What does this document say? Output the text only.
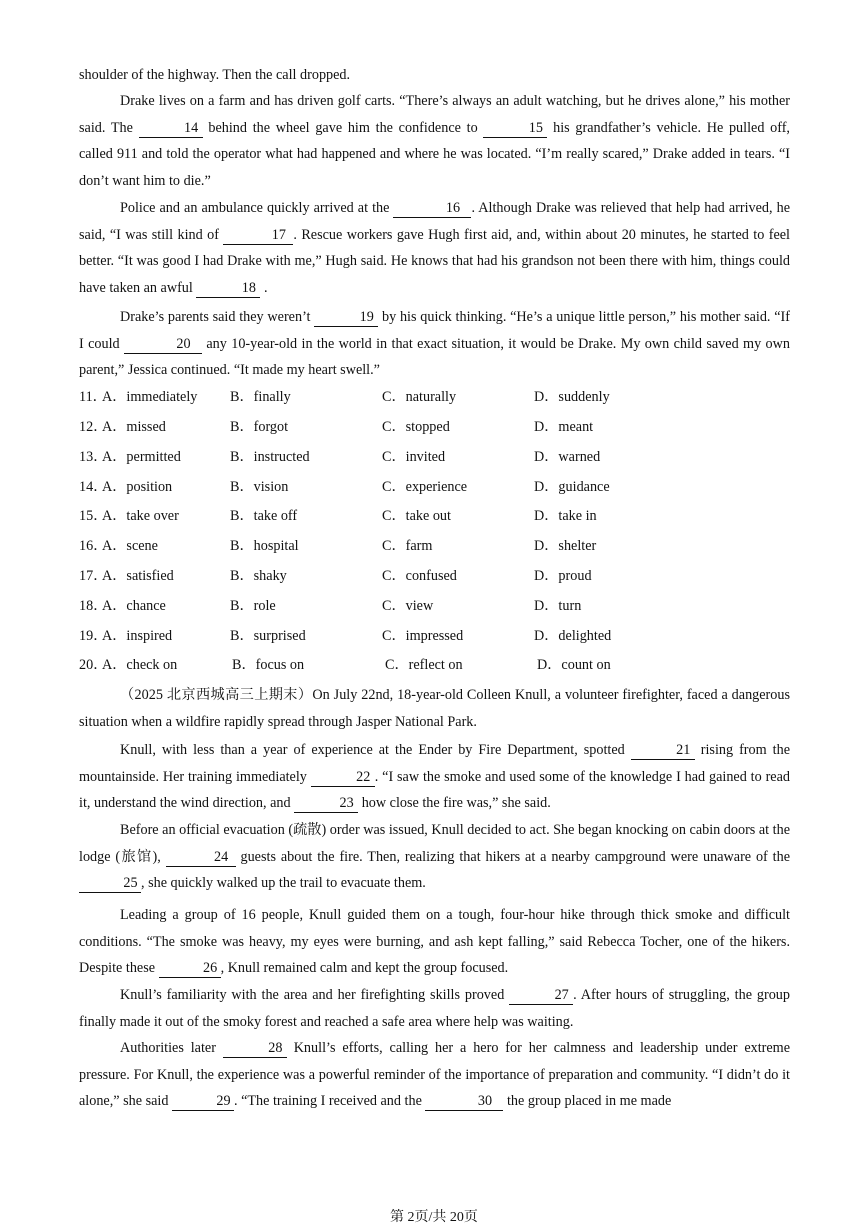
shoulder of the highway. Then the call dropped.

Drake lives on a farm and has driven golf carts. “There’s always an adult watching, but he drives alone,” his mother said. The	14 behind the wheel gave him the confidence to	15 his grandfather’s vehicle. He pulled off, called 911 and told the operator what had happened and where he was located. “I’m really scared,” Drake added in tears. “I don’t want him to die.”

Police and an ambulance quickly arrived at the	16 . Although Drake was relieved that help had arrived, he said, “I was still kind of	17 . Rescue workers gave Hugh first aid, and, within about 20 minutes, he started to feel better. “It was good I had Drake with me,” Hugh said. He knows that had his grandson not been there with him, things could have taken an awful	18 .

Drake’s parents said they weren’t	19 by his quick thinking. “He’s a unique little person,” his mother said. “If I could	20 any 10-year-old in the world in that exact situation, it would be Drake. My own child saved my own parent,” Jessica continued. “It made my heart swell.”

11．
A．immediately B．finally	C．naturally	D．suddenly
12．
A．missed	B．forgot	C．stopped	D．meant
13．
A．permitted	B．instructed	C．invited	D．warned
14．
A．position	B．vision	C．experience	D．guidance
15．
A．take over	B．take off	C．take out	D．take in
16．
A．scene	B．hospital	C．farm	D．shelter
17．
A．satisfied	B．shaky	C．confused	D．proud
18．
A．chance	B．role	C．view	D．turn
19．
A．inspired	B．surprised	C．impressed	D．delighted
20．
A．check on	B．focus on	C．reflect on	D．count on

（2025 北京西城高三上期末）On July 22nd, 18-year-old Colleen Knull, a volunteer firefighter, faced a dangerous situation when a wildfire rapidly spread through Jasper National Park.

Knull, with less than a year of experience at the Ender by Fire Department, spotted	21 rising from the mountainside. Her training immediately	22 . “I saw the smoke and used some of the knowledge I had gained to read it, understand the wind direction, and	23 how close the fire was,” she said.

Before an official evacuation (疏散) order was issued, Knull decided to act. She began knocking on cabin doors at the lodge (旅馆),	24 guests about the fire. Then, realizing that hikers at a nearby campground were unaware of the 25 , she quickly walked up the trail to evacuate them.

Leading a group of 16 people, Knull guided them on a tough, four-hour hike through thick smoke and difficult conditions. “The smoke was heavy, my eyes were burning, and ash kept falling,” said Rebecca Tocher, one of the hikers. Despite these	26 , Knull remained calm and kept the group focused.

Knull’s familiarity with the area and her firefighting skills proved	27 . After hours of struggling, the group finally made it out of the smoky forest and reached a safe area where help was waiting.

Authorities later	28 Knull’s efforts, calling her a hero for her calmness and leadership under extreme pressure. For Knull, the experience was a powerful reminder of the importance of preparation and community. “I didn’t do it alone,” she said	29 . “The training I received and the	30 the group placed in me made

第 2页/共 20页
